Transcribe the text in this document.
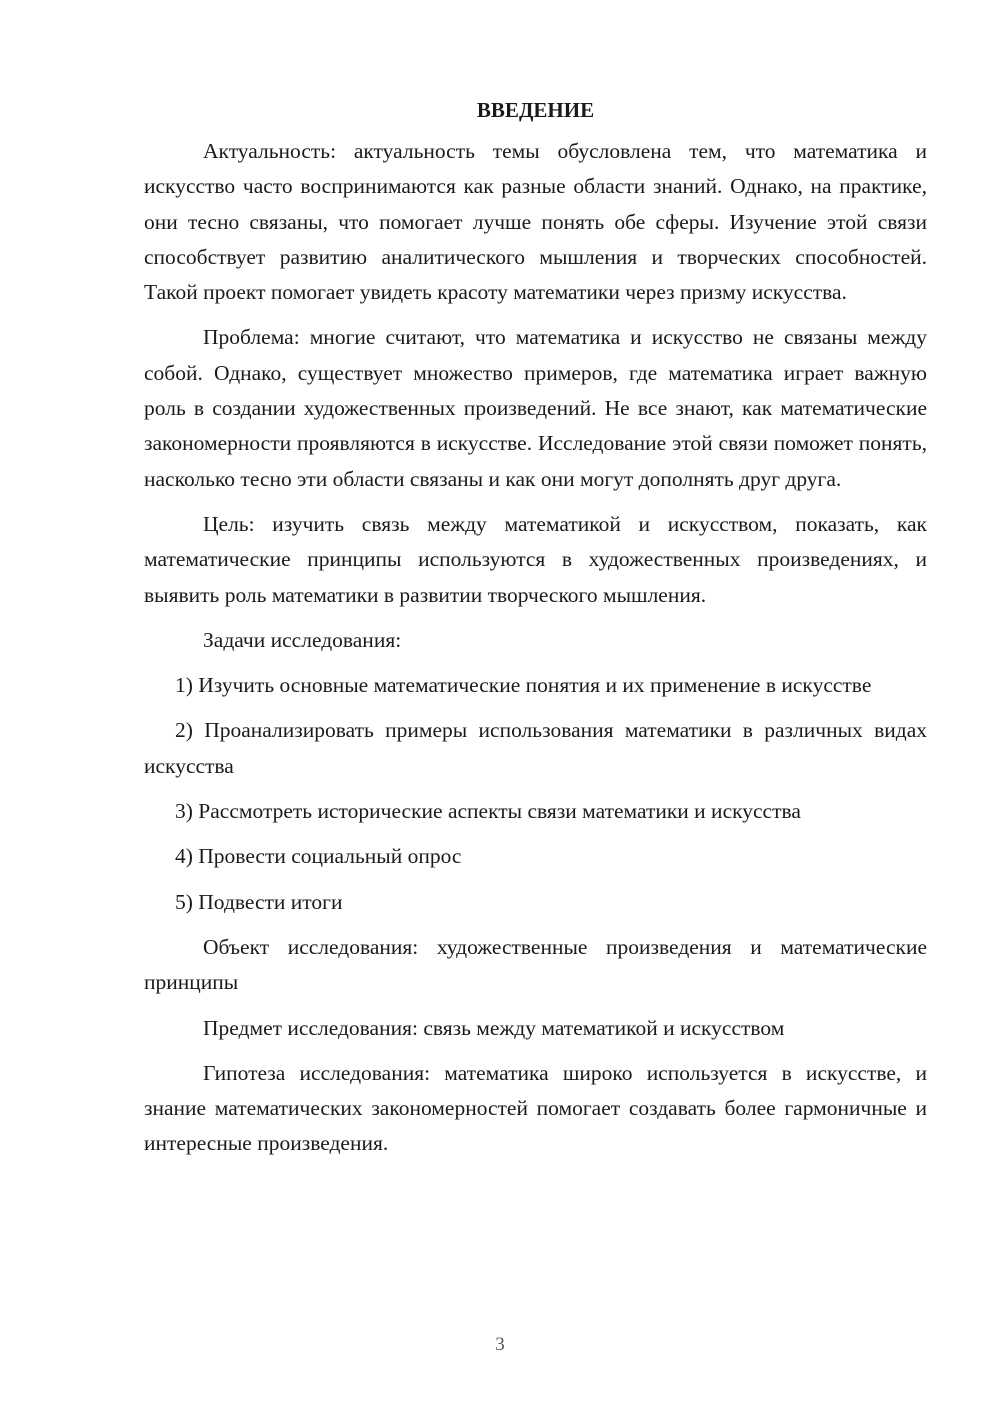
ВВЕДЕНИЕ

Актуальность: актуальность темы обусловлена тем, что математика и искусство часто воспринимаются как разные области знаний. Однако, на практике, они тесно связаны, что помогает лучше понять обе сферы. Изучение этой связи способствует развитию аналитического мышления и творческих способностей. Такой проект помогает увидеть красоту математики через призму искусства.

Проблема: многие считают, что математика и искусство не связаны между собой. Однако, существует множество примеров, где математика играет важную роль в создании художественных произведений. Не все знают, как математические закономерности проявляются в искусстве. Исследование этой связи поможет понять, насколько тесно эти области связаны и как они могут дополнять друг друга.

Цель: изучить связь между математикой и искусством, показать, как математические принципы используются в художественных произведениях, и выявить роль математики в развитии творческого мышления.

Задачи исследования:

1) Изучить основные математические понятия и их применение в искусстве

2) Проанализировать примеры использования математики в различных видах искусства

3) Рассмотреть исторические аспекты связи математики и искусства

4) Провести социальный опрос

5) Подвести итоги

Объект исследования: художественные произведения и математические принципы

Предмет исследования: связь между математикой и искусством

Гипотеза исследования: математика широко используется в искусстве, и знание математических закономерностей помогает создавать более гармоничные и интересные произведения.

3
